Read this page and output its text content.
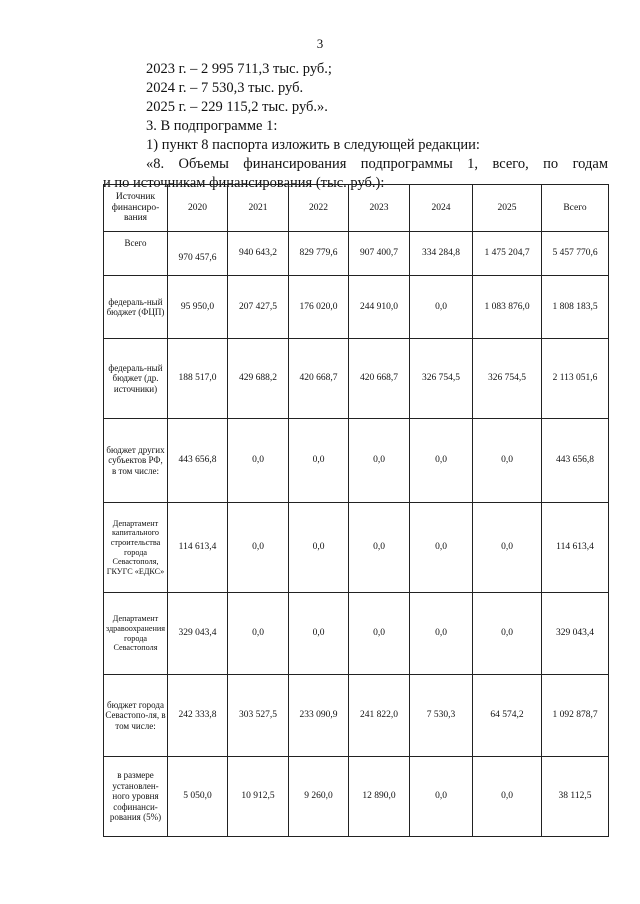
3
2023 г. – 2 995 711,3 тыс. руб.;
2024 г. – 7 530,3 тыс. руб.
2025 г. – 229 115,2 тыс. руб.».
3. В подпрограмме 1:
1) пункт 8 паспорта изложить в следующей редакции:
«8. Объемы финансирования подпрограммы 1, всего, по годам
и по источникам финансирования (тыс. руб.):
Источник финансиро-вания	2020	2021	2022	2023	2024	2025	Всего
Всего	970 457,6	940 643,2	829 779,6	907 400,7	334 284,8	1 475 204,7	5 457 770,6
федераль-ный бюджет (ФЦП)	95 950,0	207 427,5	176 020,0	244 910,0	0,0	1 083 876,0	1 808 183,5
федераль-ный бюджет (др. источники)	188 517,0	429 688,2	420 668,7	420 668,7	326 754,5	326 754,5	2 113 051,6
бюджет других субъектов РФ, в том числе:	443 656,8	0,0	0,0	0,0	0,0	0,0	443 656,8
Департамент капитального строительства города Севастополя, ГКУГС «ЕДКС»	114 613,4	0,0	0,0	0,0	0,0	0,0	114 613,4
Департамент здравоохранения города Севастополя	329 043,4	0,0	0,0	0,0	0,0	0,0	329 043,4
бюджет города Севастопо-ля, в том числе:	242 333,8	303 527,5	233 090,9	241 822,0	7 530,3	64 574,2	1 092 878,7
в размере установлен-ного уровня софинанси-рования (5%)	5 050,0	10 912,5	9 260,0	12 890,0	0,0	0,0	38 112,5
